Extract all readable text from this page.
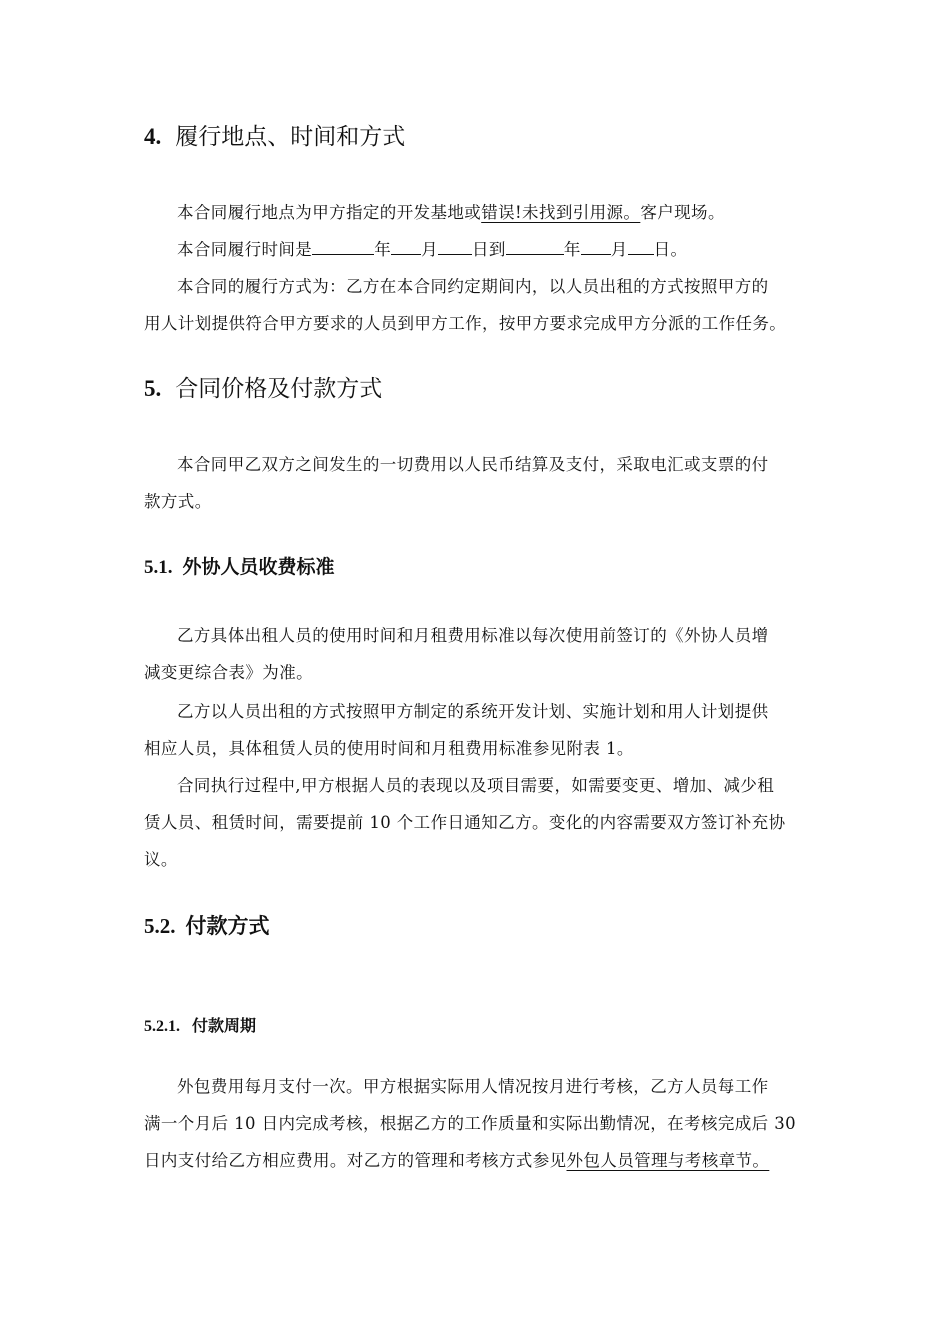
4. 履行地点、时间和方式

本合同履行地点为甲方指定的开发基地或错误!未找到引用源。客户现场。

本合同履行时间是	年 月 日到	年 月 日。

本合同的履行方式为：乙方在本合同约定期间内，以人员出租的方式按照甲方的
用人计划提供符合甲方要求的人员到甲方工作，按甲方要求完成甲方分派的工作任务。

5. 合同价格及付款方式

本合同甲乙双方之间发生的一切费用以人民币结算及支付，采取电汇或支票的付
款方式。

5.1. 外协人员收费标准

乙方具体出租人员的使用时间和月租费用标准以每次使用前签订的《外协人员增
减变更综合表》为准。

乙方以人员出租的方式按照甲方制定的系统开发计划、实施计划和用人计划提供
相应人员，具体租赁人员的使用时间和月租费用标准参见附表 1。

合同执行过程中,甲方根据人员的表现以及项目需要，如需要变更、增加、减少租
赁人员、租赁时间，需要提前 10 个工作日通知乙方。变化的内容需要双方签订补充协
议。

5.2. 付款方式
5.2.1. 付款周期

外包费用每月支付一次。甲方根据实际用人情况按月进行考核，乙方人员每工作
满一个月后 10 日内完成考核，根据乙方的工作质量和实际出勤情况，在考核完成后 30
日内支付给乙方相应费用。对乙方的管理和考核方式参见外包人员管理与考核章节。
